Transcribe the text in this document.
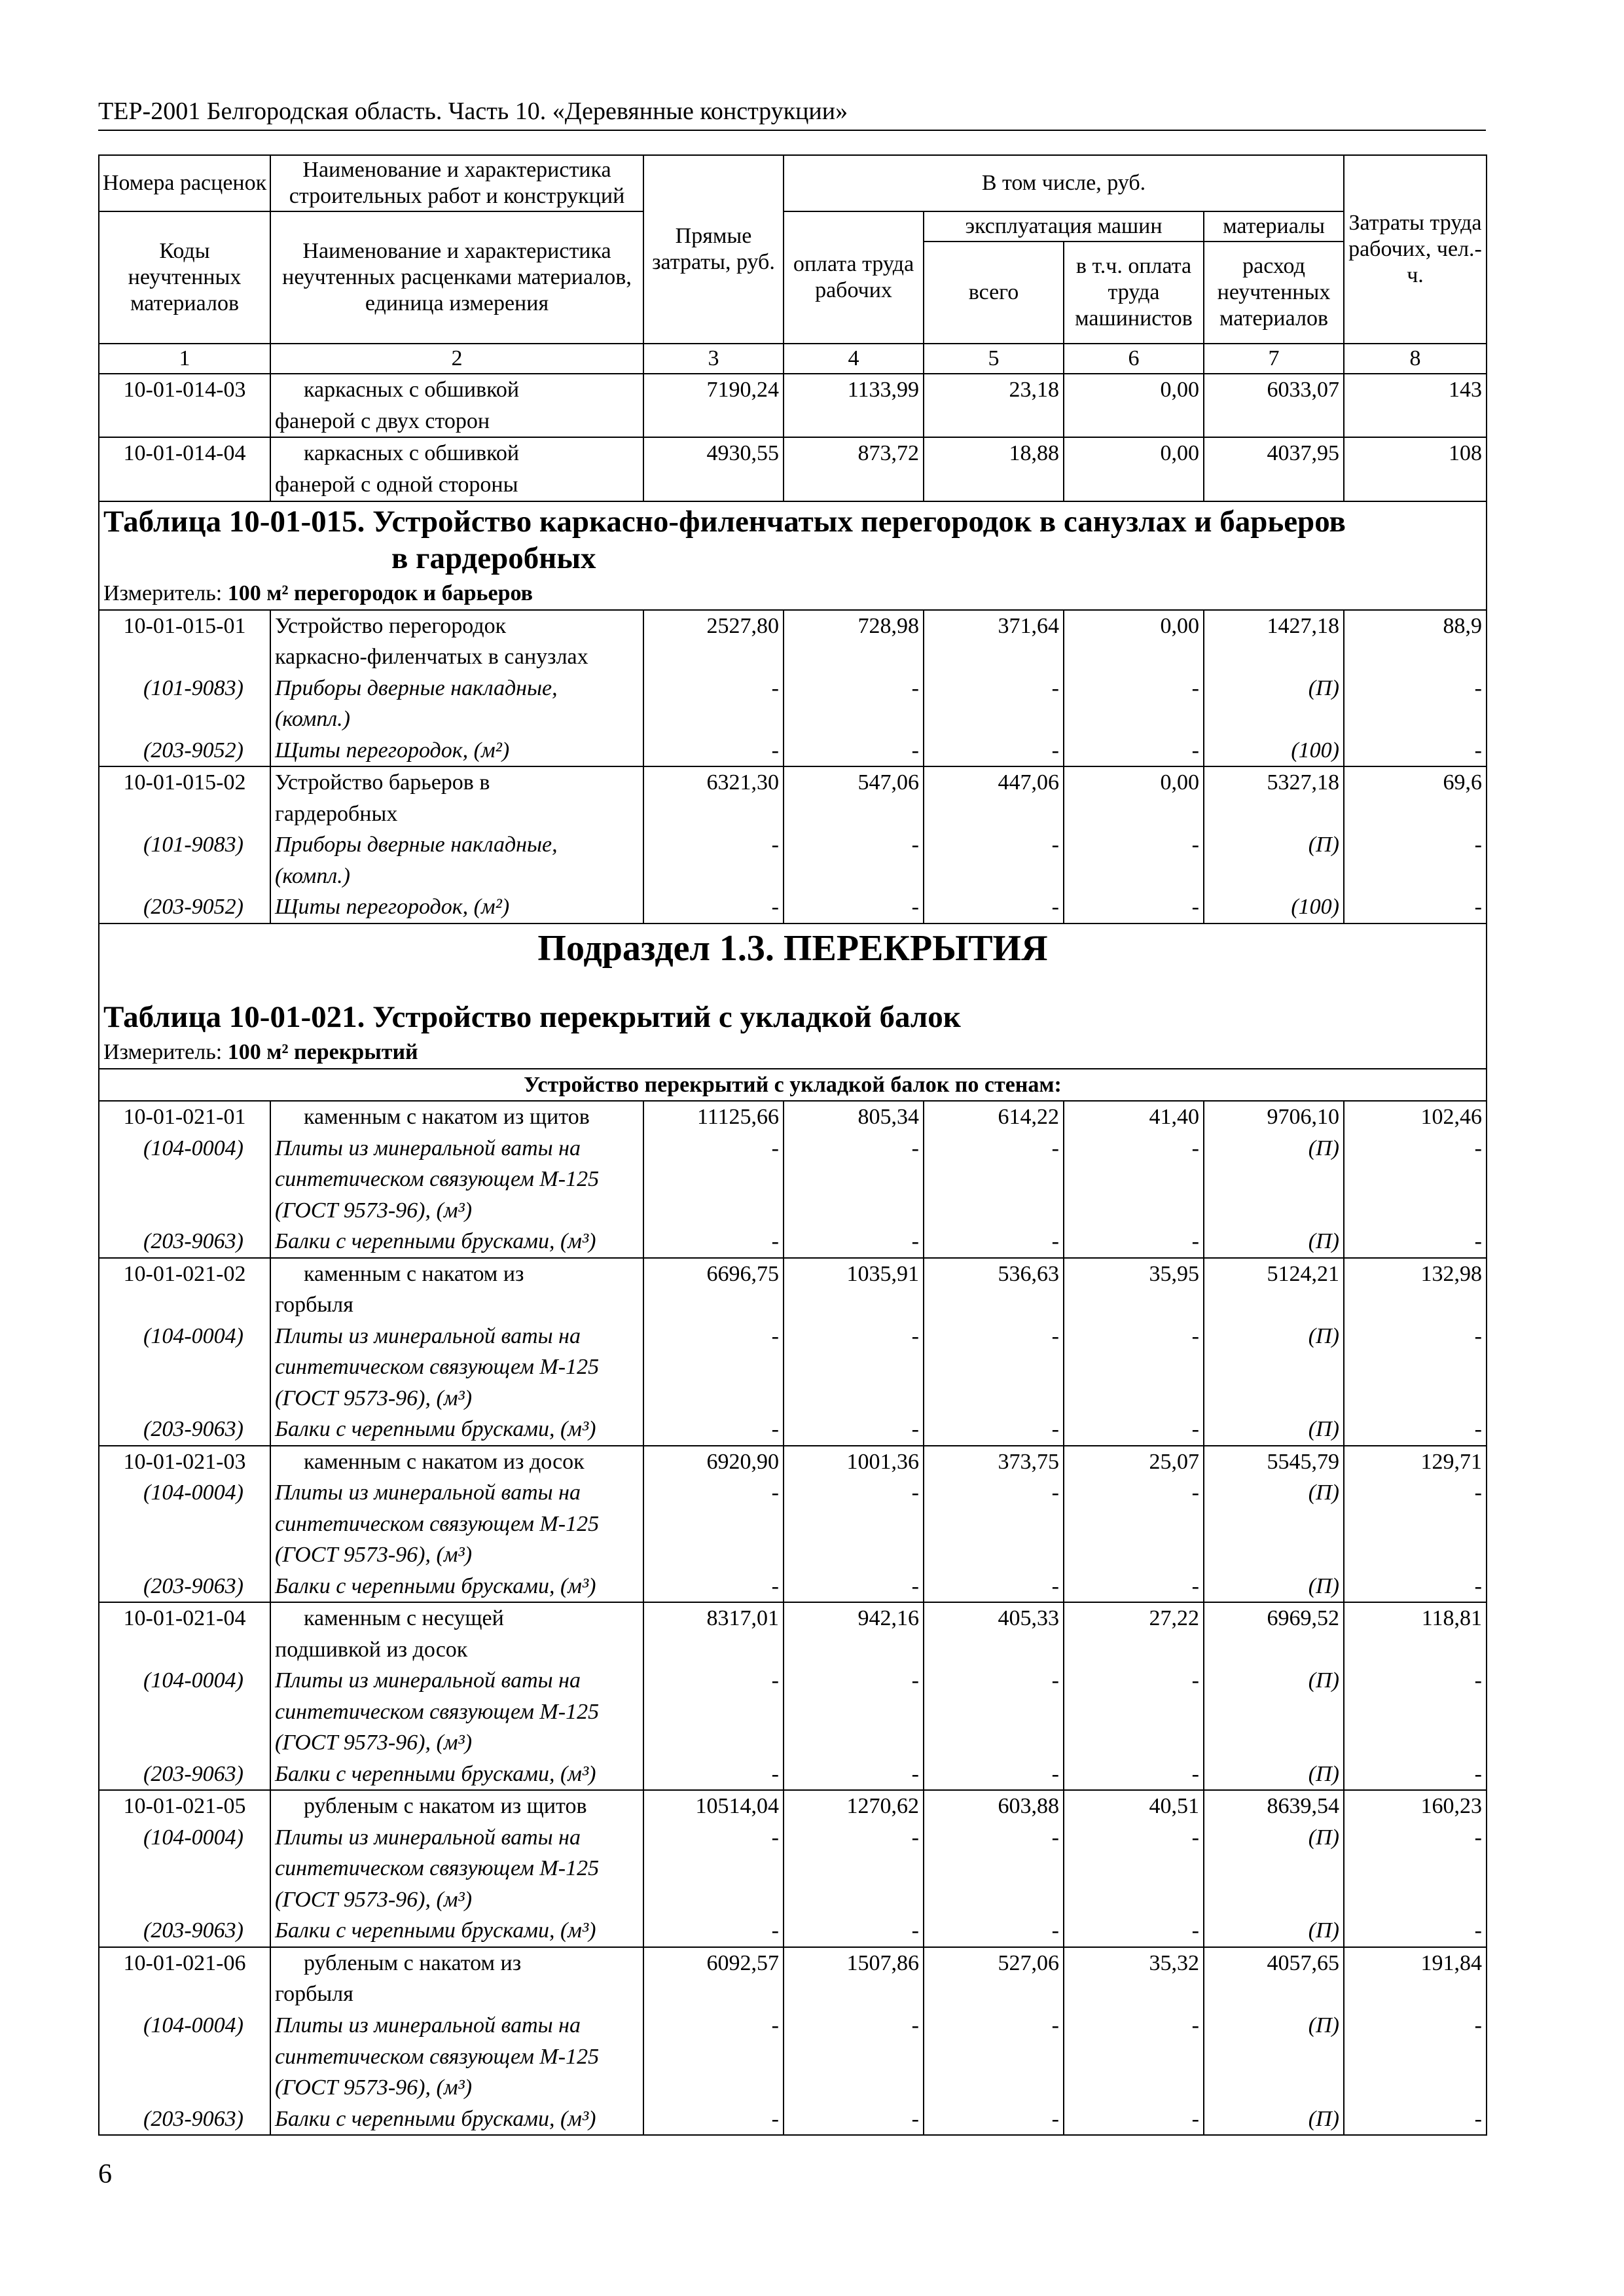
ТЕР-2001 Белгородская область. Часть 10. «Деревянные конструкции»
Номера расценок	Наименование и характеристика строительных работ и конструкций	Прямые затраты, руб.	В том числе, руб.				Затраты труда рабочих, чел.-ч.
Коды неучтенных материалов	Наименование и характеристика неучтенных расценками материалов, единица измерения		оплата труда рабочих	эксплуатация машин		материалы	
				всего	в т.ч. оплата труда машинистов	расход неучтенных материалов	
1	2	3	4	5	6	7	8
10-01-014-03	каркасных с обшивкой	7190,24	1133,99	23,18	0,00	6033,07	143
	фанерой с двух сторон						
10-01-014-04	каркасных с обшивкой	4930,55	873,72	18,88	0,00	4037,95	108
	фанерой с одной стороны						
Таблица 10-01-015. Устройство каркасно-филенчатых перегородок в санузлах и барьеров
в гардеробных							

Измеритель: 100 м² перегородок и барьеров							
10-01-015-01	Устройство перегородок	2527,80	728,98	371,64	0,00	1427,18	88,9
	каркасно-филенчатых в санузлах						
(101-9083)	Приборы дверные накладные,	-	-	-	-	(П)	-
	(компл.)						
(203-9052)	Щиты перегородок, (м²)	-	-	-	-	(100)	-
10-01-015-02	Устройство барьеров в	6321,30	547,06	447,06	0,00	5327,18	69,6
	гардеробных						
(101-9083)	Приборы дверные накладные,	-	-	-	-	(П)	-
	(компл.)						
(203-9052)	Щиты перегородок, (м²)	-	-	-	-	(100)	-
Подраздел 1.3. ПЕРЕКРЫТИЯ							
Таблица 10-01-021. Устройство перекрытий с укладкой балок							
Измеритель: 100 м² перекрытий							
Устройство перекрытий с укладкой балок по стенам:							
10-01-021-01	каменным с накатом из щитов	11125,66	805,34	614,22	41,40	9706,10	102,46
(104-0004)	Плиты из минеральной ваты на	-	-	-	-	(П)	-
	синтетическом связующем М-125						
	(ГОСТ 9573-96), (м³)						
(203-9063)	Балки с черепными брусками, (м³)	-	-	-	-	(П)	-
10-01-021-02	каменным с накатом из	6696,75	1035,91	536,63	35,95	5124,21	132,98
	горбыля						
(104-0004)	Плиты из минеральной ваты на	-	-	-	-	(П)	-
	синтетическом связующем М-125						
	(ГОСТ 9573-96), (м³)						
(203-9063)	Балки с черепными брусками, (м³)	-	-	-	-	(П)	-
10-01-021-03	каменным с накатом из досок	6920,90	1001,36	373,75	25,07	5545,79	129,71
(104-0004)	Плиты из минеральной ваты на	-	-	-	-	(П)	-
	синтетическом связующем М-125						
	(ГОСТ 9573-96), (м³)						
(203-9063)	Балки с черепными брусками, (м³)	-	-	-	-	(П)	-
10-01-021-04	каменным с несущей	8317,01	942,16	405,33	27,22	6969,52	118,81
	подшивкой из досок						
(104-0004)	Плиты из минеральной ваты на	-	-	-	-	(П)	-
	синтетическом связующем М-125						
	(ГОСТ 9573-96), (м³)						
(203-9063)	Балки с черепными брусками, (м³)	-	-	-	-	(П)	-
10-01-021-05	рубленым с накатом из щитов	10514,04	1270,62	603,88	40,51	8639,54	160,23
(104-0004)	Плиты из минеральной ваты на	-	-	-	-	(П)	-
	синтетическом связующем М-125						
	(ГОСТ 9573-96), (м³)						
(203-9063)	Балки с черепными брусками, (м³)	-	-	-	-	(П)	-
10-01-021-06	рубленым с накатом из	6092,57	1507,86	527,06	35,32	4057,65	191,84
	горбыля						
(104-0004)	Плиты из минеральной ваты на	-	-	-	-	(П)	-
	синтетическом связующем М-125						
	(ГОСТ 9573-96), (м³)						
(203-9063)	Балки с черепными брусками, (м³)	-	-	-	-	(П)	-
6
